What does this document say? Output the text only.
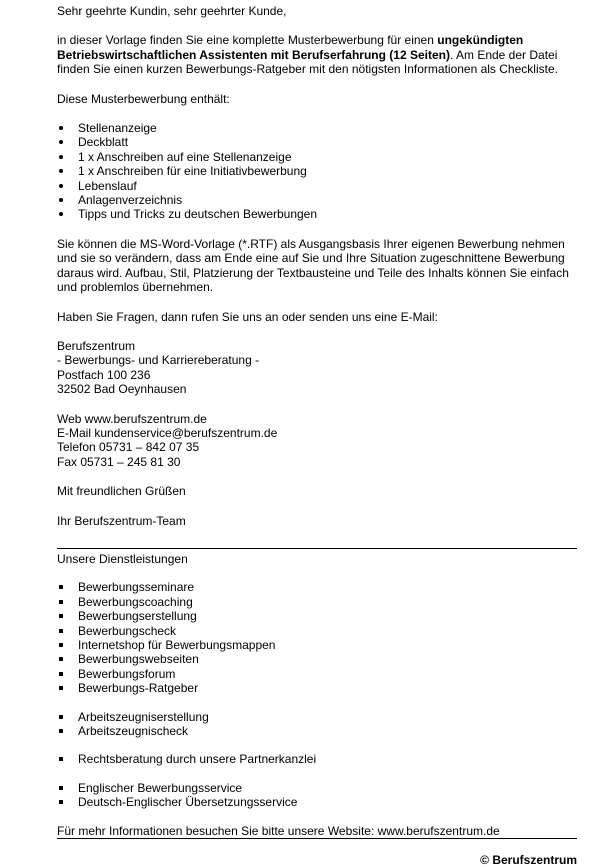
Sehr geehrte Kundin, sehr geehrter Kunde,

in dieser Vorlage finden Sie eine komplette Musterbewerbung für einen ungekündigten Betriebswirtschaftlichen Assistenten mit Berufserfahrung (12 Seiten). Am Ende der Datei finden Sie einen kurzen Bewerbungs-Ratgeber mit den nötigsten Informationen als Checkliste.

Diese Musterbewerbung enthält:

Stellenanzeige
Deckblatt
1 x Anschreiben auf eine Stellenanzeige
1 x Anschreiben für eine Initiativbewerbung
Lebenslauf
Anlagenverzeichnis
Tipps und Tricks zu deutschen Bewerbungen

Sie können die MS-Word-Vorlage (*.RTF) als Ausgangsbasis Ihrer eigenen Bewerbung nehmen und sie so verändern, dass am Ende eine auf Sie und Ihre Situation zugeschnittene Bewerbung daraus wird. Aufbau, Stil, Platzierung der Textbausteine und Teile des Inhalts können Sie einfach und problemlos übernehmen.

Haben Sie Fragen, dann rufen Sie uns an oder senden uns eine E-Mail:

Berufszentrum

- Bewerbungs- und Karriereberatung -

Postfach 100 236

32502 Bad Oeynhausen

Web www.berufszentrum.de

E-Mail kundenservice@berufszentrum.de

Telefon 05731 – 842 07 35

Fax 05731 – 245 81 30

Mit freundlichen Grüßen

Ihr Berufszentrum-Team

Unsere Dienstleistungen

Bewerbungsseminare
Bewerbungscoaching
Bewerbungserstellung
Bewerbungscheck
Internetshop für Bewerbungsmappen
Bewerbungswebseiten
Bewerbungsforum
Bewerbungs-Ratgeber
Arbeitszeugniserstellung
Arbeitszeugnischeck
Rechtsberatung durch unsere Partnerkanzlei
Englischer Bewerbungsservice
Deutsch-Englischer Übersetzungsservice

Für mehr Informationen besuchen Sie bitte unsere Website: www.berufszentrum.de

© Berufszentrum
